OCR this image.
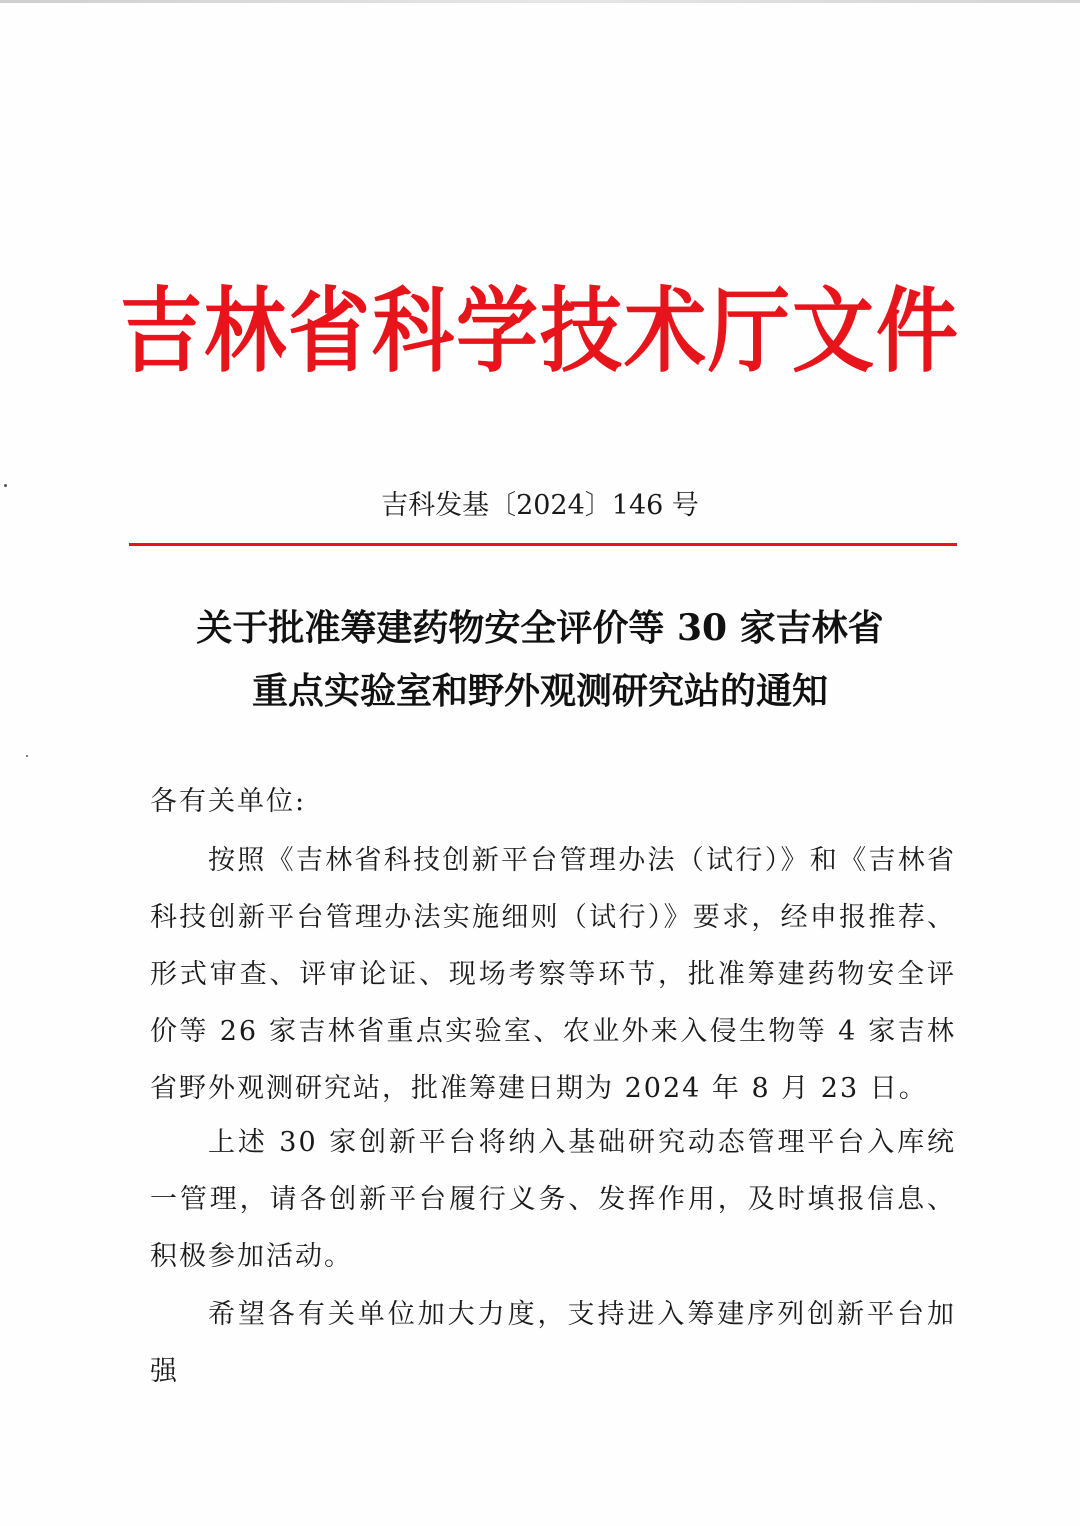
吉林省科学技术厅文件
吉科发基〔2024〕146 号
关于批准筹建药物安全评价等 30 家吉林省
重点实验室和野外观测研究站的通知
各有关单位:

按照《吉林省科技创新平台管理办法（试行）》和《吉林省科技创新平台管理办法实施细则（试行）》要求，经申报推荐、形式审查、评审论证、现场考察等环节，批准筹建药物安全评价等 26 家吉林省重点实验室、农业外来入侵生物等 4 家吉林省野外观测研究站，批准筹建日期为 2024 年 8 月 23 日。

上述 30 家创新平台将纳入基础研究动态管理平台入库统一管理，请各创新平台履行义务、发挥作用，及时填报信息、积极参加活动。

希望各有关单位加大力度，支持进入筹建序列创新平台加强
